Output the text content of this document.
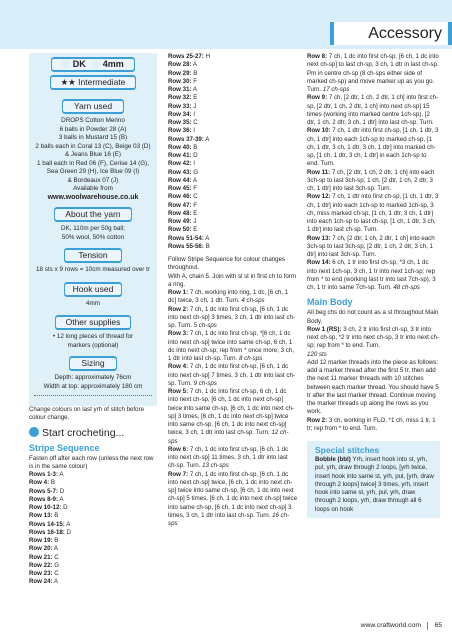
Accessory
DK 4mm
★★ Intermediate
Yarn used
DROPS Cotton Merino
6 balls in Powder 28 (A)
3 balls in Mustard 15 (B)
2 balls each in Coral 13 (C), Beige 03 (D)
& Jeans Blue 16 (E)
1 ball each in Red 06 (F), Cerise 14 (G),
Sea Green 29 (H), Ice Blue 09 (I)
& Bordeaux 07 (J)
Available from
www.woolwarehouse.co.uk
About the yarn
DK, 110m per 50g ball;
50% wool, 50% cotton
Tension
18 sts x 9 rows = 10cm measured over tr
Hook used
4mm
Other supplies
• 12 long pieces of thread for
markers (optional)
Sizing
Depth: approximately 76cm
Width at top: approximately 180 cm
Change colours on last yrh of stitch before colour change.
Start crocheting...
Stripe Sequence
Fasten off after each row (unless the next row is in the same colour)
Rows 1-3: A
Row 4: B
Rows 5-7: D
Rows 8-9: A
Row 10-12: D
Row 13: B
Rows 14-15: A
Rows 16-18: D
Row 19: B
Row 20: A
Row 21: C
Row 22: G
Row 23: C
Row 24: A
Rows 25-27: H
Row 28: A
Row 29: B
Row 30: F
Row 31: A
Row 32: E
Row 33: J
Row 34: I
Row 35: C
Row 36: I
Rows 37-39: A
Row 40: B
Row 41: D
Row 42: I
Row 43: G
Row 44: A
Row 45: F
Row 46: C
Row 47: F
Row 48: E
Row 49: J
Row 50: E
Rows 51-54: A
Rows 55-56: B
Follow Stripe Sequence for colour changes throughout.
With A, chain 5. Join with sl st in first ch to form a ring.
Row 1: 7 ch, working into ring, 1 dc, [6 ch, 1 dc] twice, 3 ch, 1 dtr. Turn. 4 ch-sps
Row 2: 7 ch, 1 dc into first ch-sp, [6 ch, 1 dc into next ch-sp] 3 times, 3 ch, 1 dtr into last ch-sp. Turn. 5 ch-sps
Row 3: 7 ch, 1 dc into first ch-sp, *[6 ch, 1 dc into next ch-sp] twice into same ch-sp, 6 ch, 1 dc into next ch-sp; rep from * once more, 3 ch, 1 dtr into last ch-sp. Turn. 8 ch-sps
Row 4: 7 ch, 1 dc into first ch-sp, [6 ch, 1 dc into next ch-sp] 7 times, 3 ch, 1 dtr into last ch-sp. Turn. 9 ch-sps
Row 5: 7 ch, 1 dc into first ch-sp, 6 ch, 1 dc into next ch-sp, [6 ch, 1 dc into next ch-sp] twice into same ch-sp, [6 ch, 1 dc into next ch-sp] 3 times, [6 ch, 1 dc into next ch-sp] twice into same ch-sp, [6 ch, 1 dc into next ch-sp] twice, 3 ch, 1 dtr into last ch-sp. Turn. 12 ch-sps
Row 6: 7 ch, 1 dc into first ch-sp, [6 ch, 1 dc into next ch-sp] 11 times, 3 ch, 1 dtr into last ch-sp. Turn. 13 ch-sps
Row 7: 7 ch, 1 dc into first ch-sp, [6 ch, 1 dc into next ch-sp] twice, [6 ch, 1 dc into next ch-sp] twice into same ch-sp, [6 ch, 1 dc into next ch-sp] 5 times, [6 ch, 1 dc into next ch-sp] twice into same ch-sp, [6 ch, 1 dc into next ch-sp] 3 times, 3 ch, 1 dtr into last ch-sp. Turn. 16 ch-sps
Row 8: 7 ch, 1 dc into first ch-sp, [6 ch, 1 dc into next ch-sp] to last ch-sp, 3 ch, 1 dtr in last ch-sp. Pm in centre ch-sp (8 ch-sps either side of marked ch-sp) and move marker up as you go. Turn. 17 ch-sps
Row 9: 7 ch, [2 dtr, 1 ch, 2 dtr, 1 ch] into first ch-sp, [2 dtr, 1 ch, 2 dtr, 1 ch] into next ch-sp] 15 times (working into marked centre 1ch-sp), [2 dtr, 1 ch, 2 dtr, 3 ch, 1 dtr] into last ch-sp. Turn.
Row 10: 7 ch, 1 dtr into first ch-sp, [1 ch, 1 dtr, 3 ch, 1 dtr] into each 1ch-sp to marked ch-sp, [1 ch, 1 dtr, 3 ch, 1 dtr, 3 ch, 1 dtr] into marked ch-sp, [1 ch, 1 dtr, 3 ch, 1 dtr] in each 1ch-sp to end. Turn.
Row 11: 7 ch, [2 dtr, 1 ch, 2 dtr, 1 ch] into each 3ch-sp to last 3ch-sp, 1 ch, [2 dtr, 1 ch, 2 dtr, 3 ch, 1 dtr] into last 3ch-sp. Turn.
Row 12: 7 ch, 1 dtr into first ch-sp, [1 ch, 1 dtr, 3 ch, 1 dtr] into each 1ch-sp to marked 1ch-sp, 3 ch, miss marked ch-sp, [1 ch, 1 dtr, 3 ch, 1 dtr] into each 1ch-sp to last ch-sp, [1 ch, 1 dtr, 3 ch, 1 dtr] into last ch-sp. Turn.
Row 13: 7 ch, [2 dtr, 1 ch, 2 dtr, 1 ch] into each 3ch-sp to last 3ch-sp, [2 dtr, 1 ch, 2 dtr, 3 ch, 1 dtr] into last 3ch-sp. Turn.
Row 14: 6 ch, 1 tr into first ch-sp, *3 ch, 1 dc into next 1ch-sp, 3 ch, 1 tr into next 1ch-sp; rep from * to end (working last tr into last 7ch-sp), 3 ch, 1 tr into same 7ch-sp. Turn. 48 ch-sps
Main Body
All beg chs do not count as a st throughout Main Body.
Row 1 (RS): 3 ch, 2 tr into first ch-sp, 3 tr into next ch-sp, *2 tr into next ch-sp, 3 tr into next ch-sp; rep from * to end. Turn.
120 sts
Add 12 marker threads into the piece as follows: add a marker thread after the first 5 tr, then add the next 11 marker threads with 10 stitches between each marker thread. You should have 5 tr after the last marker thread. Continue moving the marker threads up along the rows as you work.
Row 2: 3 ch, working in FLO, *1 ch, miss 1 tr, 1 tr; rep from * to end. Turn.
Special stitches
Bobble (bbl) Yrh, insert hook into st, yrh, pul, yrh, draw through 2 loops, [yrh twice, insert hook into same st, yrh, pul, [yrh, draw through 2 loops] twice] 3 times, yrh, insert hook into same st, yrh, pul, yrh, draw through 2 loops, yrh, draw through all 6 loops on hook
www.craftworld.com 65
